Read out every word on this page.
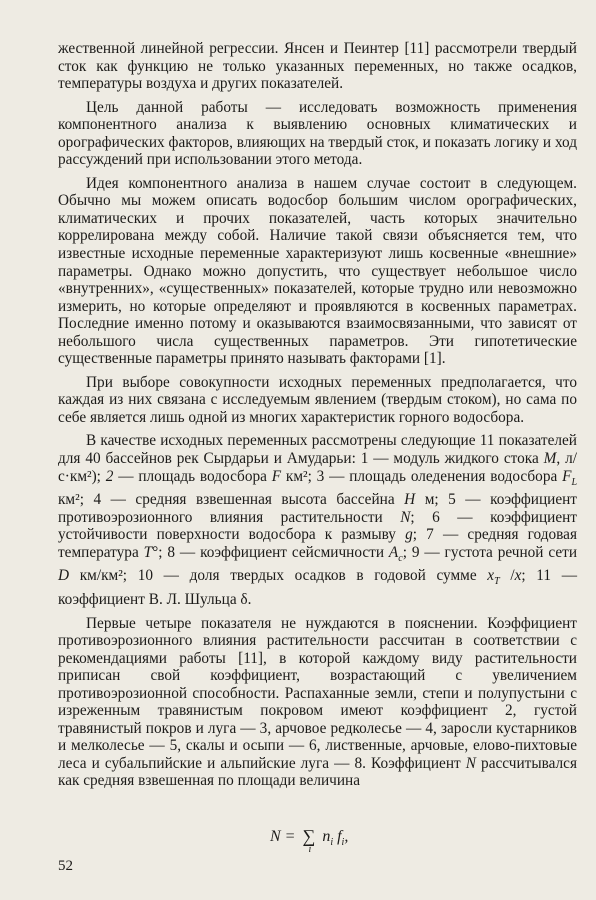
жественной линейной регрессии. Янсен и Пеинтер [11] рассмотрели твердый сток как функцию не только указанных переменных, но также осадков, температуры воздуха и других показателей.

Цель данной работы — исследовать возможность применения компонентного анализа к выявлению основных климатических и орографических факторов, влияющих на твердый сток, и показать логику и ход рассуждений при использовании этого метода.

Идея компонентного анализа в нашем случае состоит в следующем. Обычно мы можем описать водосбор большим числом орографических, климатических и прочих показателей, часть которых значительно коррелирована между собой. Наличие такой связи объясняется тем, что известные исходные переменные характеризуют лишь косвенные «внешние» параметры. Однако можно допустить, что существует небольшое число «внутренних», «существенных» показателей, которые трудно или невозможно измерить, но которые определяют и проявляются в косвенных параметрах. Последние именно потому и оказываются взаимосвязанными, что зависят от небольшого числа существенных параметров. Эти гипотетические существенные параметры принято называть факторами [1].

При выборе совокупности исходных переменных предполагается, что каждая из них связана с исследуемым явлением (твердым стоком), но сама по себе является лишь одной из многих характеристик горного водосбора.

В качестве исходных переменных рассмотрены следующие 11 показателей для 40 бассейнов рек Сырдарьи и Амударьи: 1 — модуль жидкого стока M, л/с·км²); 2 — площадь водосбора F км²; 3 — площадь оледенения водосбора $F_L$ км²; 4 — средняя взвешенная высота бассейна H м; 5 — коэффициент противоэрозионного влияния растительности N; 6 — коэффициент устойчивости поверхности водосбора к размыву g; 7 — средняя годовая температура T°; 8 — коэффициент сейсмичности $A_c$; 9 — густота речной сети D км/км²; 10 — доля твердых осадков в годовой сумме $x_T$ /x; 11 — коэффициент В. Л. Шульца δ.

Первые четыре показателя не нуждаются в пояснении. Коэффициент противоэрозионного влияния растительности рассчитан в соответствии с рекомендациями работы [11], в которой каждому виду растительности приписан свой коэффициент, возрастающий с увеличением противоэрозионной способности. Распаханные земли, степи и полупустыни с изреженным травянистым покровом имеют коэффициент 2, густой травянистый покров и луга — 3, арчовое редколесье — 4, заросли кустарников и мелколесье — 5, скалы и осыпи — 6, лиственные, арчовые, елово-пихтовые леса и субальпийские и альпийские луга — 8. Коэффициент N рассчитывался как средняя взвешенная по площади величина

N = ∑
i
$n_i$ $f_i$,
52
